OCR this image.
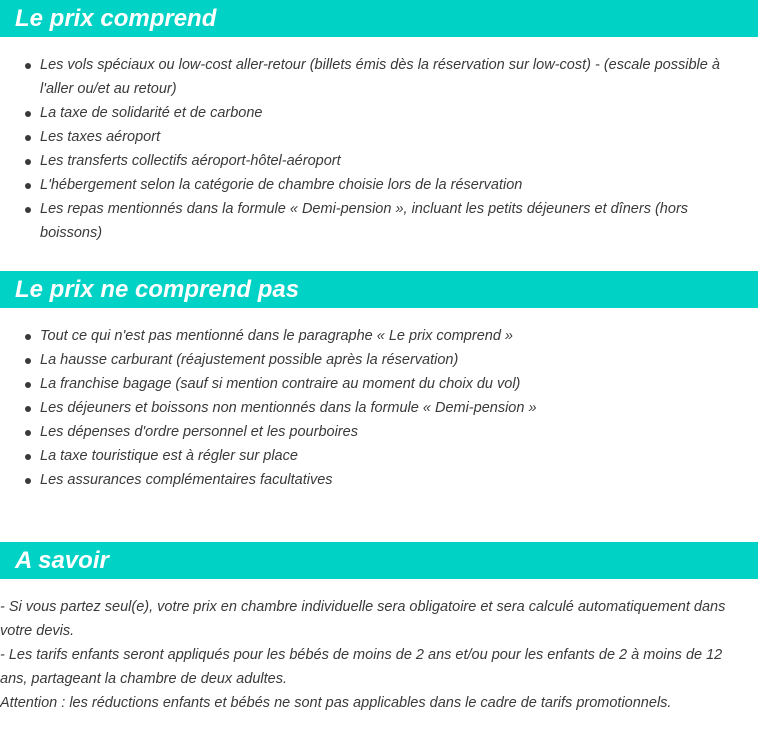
Le prix comprend
Les vols spéciaux ou low-cost aller-retour (billets émis dès la réservation sur low-cost) - (escale possible à l'aller ou/et au retour)
La taxe de solidarité et de carbone
Les taxes aéroport
Les transferts collectifs aéroport-hôtel-aéroport
L'hébergement selon la catégorie de chambre choisie lors de la réservation
Les repas mentionnés dans la formule « Demi-pension », incluant les petits déjeuners et dîners (hors boissons)
Le prix ne comprend pas
Tout ce qui n'est pas mentionné dans le paragraphe « Le prix comprend »
La hausse carburant (réajustement possible après la réservation)
La franchise bagage (sauf si mention contraire au moment du choix du vol)
Les déjeuners et boissons non mentionnés dans la formule « Demi-pension »
Les dépenses d'ordre personnel et les pourboires
La taxe touristique est à régler sur place
Les assurances complémentaires facultatives
A savoir
- Si vous partez seul(e), votre prix en chambre individuelle sera obligatoire et sera calculé automatiquement dans votre devis.
- Les tarifs enfants seront appliqués pour les bébés de moins de 2 ans et/ou pour les enfants de 2 à moins de 12 ans, partageant la chambre de deux adultes.
Attention : les réductions enfants et bébés ne sont pas applicables dans le cadre de tarifs promotionnels.
